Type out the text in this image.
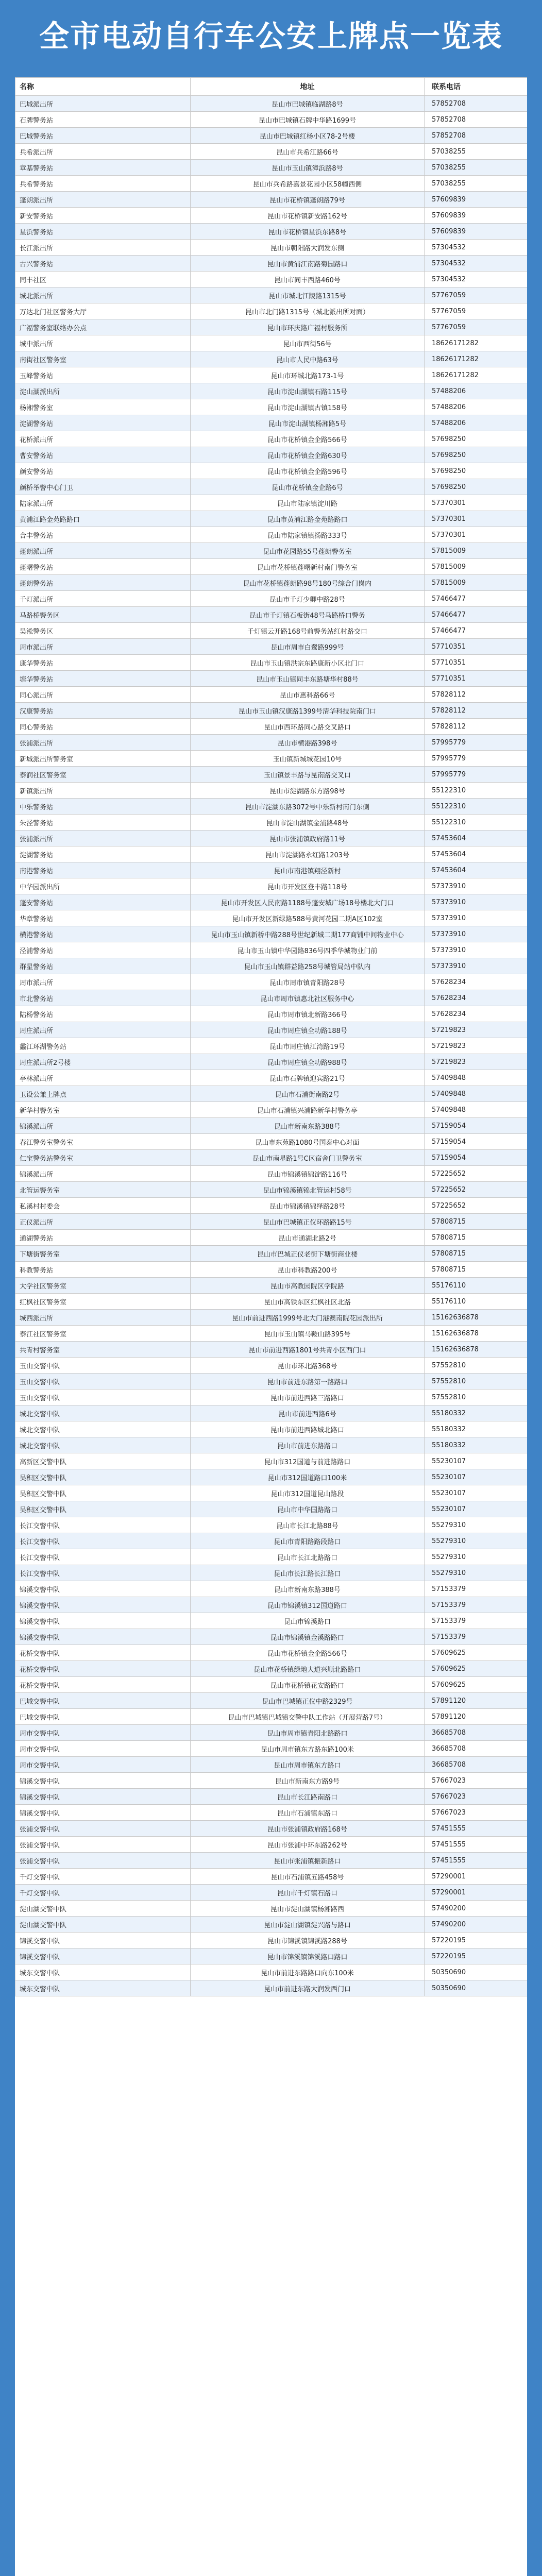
全市电动自行车公安上牌点一览表
名称	地址	联系电话
巴城派出所	昆山市巴城镇临湖路8号	57852708
石牌警务站	昆山市巴城镇石牌中华路1699号	57852708
巴城警务站	昆山市巴城镇红杨小区78-2号楼	57852708
兵希派出所	昆山市兵希江路66号	57038255
章基警务站	昆山市玉山镇漳浜路8号	57038255
兵希警务站	昆山市兵希路嘉景花园小区58幢西侧	57038255
蓬朗派出所	昆山市花桥镇蓬朗路79号	57609839
新安警务站	昆山市花桥镇新安路162号	57609839
星浜警务站	昆山市花桥镇星浜东路8号	57609839
长江派出所	昆山市朝阳路大润发东侧	57304532
古兴警务站	昆山市黄浦江南路菊园路口	57304532
同丰社区	昆山市同丰西路460号	57304532
城北派出所	昆山市城北江陵路1315号	57767059
万达北门社区警务大厅	昆山市北门路1315号（城北派出所对面）	57767059
广福警务室联络办公点	昆山市环庆路广福村服务所	57767059
城中派出所	昆山市西街56号	18626171282
南街社区警务室	昆山市人民中路63号	18626171282
玉峰警务站	昆山市环城北路173-1号	18626171282
淀山湖派出所	昆山市淀山湖镇石路115号	57488206
杨湘警务室	昆山市淀山湖镇古镇158号	57488206
淀湖警务站	昆山市淀山湖镇杨湘路5号	57488206
花桥派出所	昆山市花桥镇金企路566号	57698250
曹安警务站	昆山市花桥镇金企路630号	57698250
颜安警务站	昆山市花桥镇金企路596号	57698250
颜桥举警中心门卫	昆山市花桥镇金企路6号	57698250
陆家派出所	昆山市陆家镇淀川路	57370301
黄浦江路金苑路路口	昆山市黄浦江路金苑路路口	57370301
合丰警务站	昆山市陆家镇镇扬路333号	57370301
蓬朗派出所	昆山市花园路55号蓬朗警务室	57815009
蓬曙警务站	昆山市花桥镇蓬曙新村南门警务室	57815009
蓬朗警务站	昆山市花桥镇蓬朗路98号180号综合门岗内	57815009
千灯派出所	昆山市千灯少卿中路28号	57466477
马路桥警务区	昆山市千灯镇石板街48号马路桥口警务	57466477
吴淞警务区	千灯镇云开路168号前警务站红村路交口	57466477
周市派出所	昆山市周市白鹭路999号	57710351
康华警务站	昆山市玉山镇洪宗东路康新小区北门口	57710351
塘华警务站	昆山市玉山镇同丰东路塘华村88号	57710351
同心派出所	昆山市惠科路66号	57828112
汉康警务站	昆山市玉山镇汉康路1399号清华科技院南门口	57828112
同心警务站	昆山市西环路同心路交叉路口	57828112
张浦派出所	昆山市横港路398号	57995779
新城派出所警务室	玉山镇新城城花园10号	57995779
泰润社区警务室	玉山镇景丰路与昆南路交叉口	57995779
新镇派出所	昆山市淀湖路东方路98号	55122310
中乐警务站	昆山市淀湖东路3072号中乐新村南门东侧	55122310
朱泾警务站	昆山市淀山湖镇金浦路48号	55122310
张浦派出所	昆山市张浦镇政府路11号	57453604
淀湖警务站	昆山市淀湖路永红路1203号	57453604
南港警务站	昆山市南港镇翔泾新村	57453604
中华园派出所	昆山市开发区登丰路118号	57373910
蓬安警务站	昆山市开发区人民南路1188号蓬安城广场18号楼北大门口	57373910
华章警务站	昆山市开发区新绿路588号黄河花园二期A区102室	57373910
横港警务站	昆山市玉山镇新桥中路288号世纪新城二期177商铺中间物业中心	57373910
泾浦警务站	昆山市玉山镇中华园路836号四季华城物业门前	57373910
群星警务站	昆山市玉山镇群益路258号城管局站中队内	57373910
周市派出所	昆山市周市镇青阳路28号	57628234
市北警务站	昆山市周市镇惠北社区服务中心	57628234
陆杨警务站	昆山市周市镇北新路366号	57628234
周庄派出所	昆山市周庄镇全功路188号	57219823
蠡江环湖警务站	昆山市周庄镇江湾路19号	57219823
周庄派出所2号楼	昆山市周庄镇全功路988号	57219823
亭林派出所	昆山市石牌镇迎宾路21号	57409848
卫设公兼上牌点	昆山市石浦街南路2号	57409848
新华村警务室	昆山市石浦镇兴浦路新华村警务亭	57409848
锦溪派出所	昆山市新南东路388号	57159054
春江警务室警务室	昆山市东苑路1080号国泰中心对面	57159054
仁宝警务站警务室	昆山市南星路1号C区宿舍门卫警务室	57159054
锦溪派出所	昆山市锦溪镇锦淀路116号	57225652
北管运警务室	昆山市锦溪镇锦北管运村58号	57225652
私溪村村委会	昆山市锦溪镇锦绎路28号	57225652
正仪派出所	昆山市巴城镇正仪环路路15号	57808715
通湖警务站	昆山市通湖北路2号	57808715
下塘街警务室	昆山市巴城正仪老街下塘街商业楼	57808715
科教警务站	昆山市科教路200号	57808715
大学社区警务室	昆山市高教园院区学院路	55176110
红枫社区警务室	昆山市高铁东区红枫社区北路	55176110
城西派出所	昆山市前进西路1999号北大门港澳南院花园派出所	15162636878
泰江社区警务室	昆山市玉山镇马鞍山路395号	15162636878
共青村警务室	昆山市前进西路1801号共青小区西门口	15162636878
玉山交警中队	昆山市环北路368号	57552810
玉山交警中队	昆山市前进东路第一路路口	57552810
玉山交警中队	昆山市前进西路三路路口	57552810
城北交警中队	昆山市前进西路6号	55180332
城北交警中队	昆山市前进西路城北路口	55180332
城北交警中队	昆山市前进东路路口	55180332
高新区交警中队	昆山市312国道与前进路路口	55230107
吴积区交警中队	昆山市312国道路口100米	55230107
吴积区交警中队	昆山市312国道昆山路段	55230107
吴积区交警中队	昆山市中华国路路口	55230107
长江交警中队	昆山市长江北路88号	55279310
长江交警中队	昆山市青阳路路段路口	55279310
长江交警中队	昆山市长江北路路口	55279310
长江交警中队	昆山市长江路长江路口	55279310
锦溪交警中队	昆山市新南东路388号	57153379
锦溪交警中队	昆山市锦溪镇312国道路口	57153379
锦溪交警中队	昆山市锦溪路口	57153379
锦溪交警中队	昆山市锦溪镇金溪路路口	57153379
花桥交警中队	昆山市花桥镇金企路566号	57609625
花桥交警中队	昆山市花桥镇绿地大道兴顺北路路口	57609625
花桥交警中队	昆山市花桥镇花安路路口	57609625
巴城交警中队	昆山市巴城镇正仪中路2329号	57891120
巴城交警中队	昆山市巴城镇巴城镇交警中队工作站（开展营路7号）	57891120
周市交警中队	昆山市周市镇青阳北路路口	36685708
周市交警中队	昆山市周市镇东方路东路100米	36685708
周市交警中队	昆山市周市镇东方路口	36685708
锦溪交警中队	昆山市新南东方路9号	57667023
锦溪交警中队	昆山市长江路南路口	57667023
锦溪交警中队	昆山市石浦镇东路口	57667023
张浦交警中队	昆山市张浦镇政府路168号	57451555
张浦交警中队	昆山市张浦中环东路262号	57451555
张浦交警中队	昆山市张浦镇振新路口	57451555
千灯交警中队	昆山市石浦镇五路458号	57290001
千灯交警中队	昆山市千灯镇石路口	57290001
淀山湖交警中队	昆山市淀山湖镇杨湘路西	57490200
淀山湖交警中队	昆山市淀山湖镇淀兴路与路口	57490200
锦溪交警中队	昆山市锦溪镇锦溪路288号	57220195
锦溪交警中队	昆山市锦溪镇锦溪路口路口	57220195
城东交警中队	昆山市前进东路路口向东100米	50350690
城东交警中队	昆山市前进东路大润发西门口	50350690
